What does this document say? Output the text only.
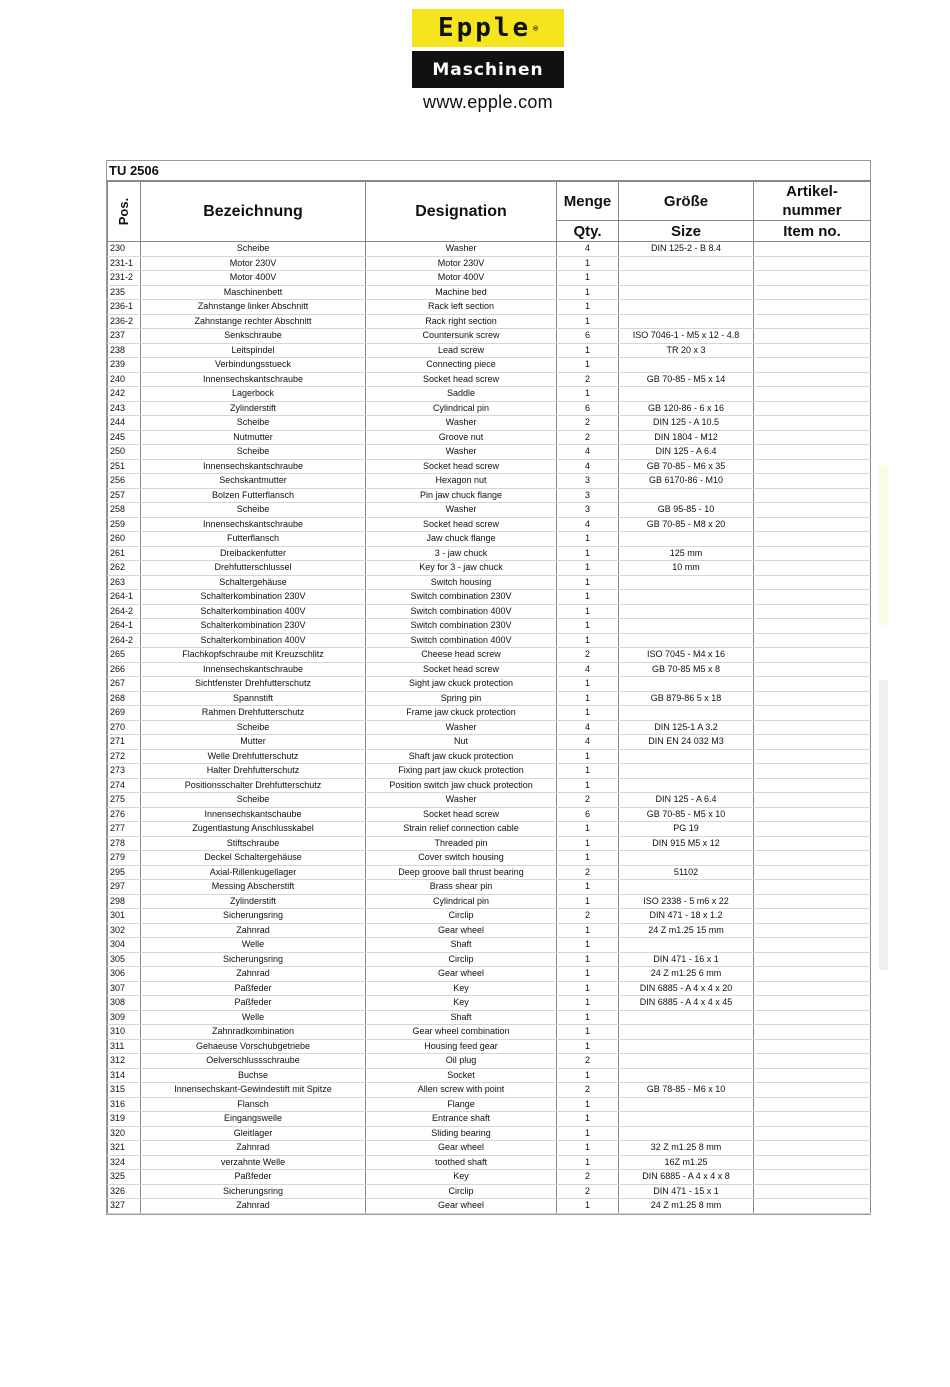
Epple ®
Maschinen
www.epple.com
TU 2506
Pos.	Bezeichnung	Designation	Menge	Größe	Artikel-
nummer

			Qty.	Size	Item no.
230	Scheibe	Washer	4	DIN 125-2 - B 8.4	
231-1	Motor 230V	Motor 230V	1		
231-2	Motor 400V	Motor 400V	1		
235	Maschinenbett	Machine bed	1		
236-1	Zahnstange linker Abschnitt	Rack left section	1		
236-2	Zahnstange rechter Abschnitt	Rack right section	1		
237	Senkschraube	Countersunk screw	6	ISO 7046-1 - M5 x 12 - 4.8	
238	Leitspindel	Lead screw	1	TR 20 x 3	
239	Verbindungsstueck	Connecting piece	1		
240	Innensechskantschraube	Socket head screw	2	GB 70-85 - M5 x 14	
242	Lagerbock	Saddle	1		
243	Zylinderstift	Cylindrical pin	6	GB 120-86 - 6 x 16	
244	Scheibe	Washer	2	DIN 125 - A 10.5	
245	Nutmutter	Groove nut	2	DIN 1804 - M12	
250	Scheibe	Washer	4	DIN 125 - A 6.4	
251	Innensechskantschraube	Socket head screw	4	GB 70-85 - M6 x 35	
256	Sechskantmutter	Hexagon nut	3	GB 6170-86 - M10	
257	Bolzen Futterflansch	Pin jaw chuck flange	3		
258	Scheibe	Washer	3	GB 95-85 - 10	
259	Innensechskantschraube	Socket head screw	4	GB 70-85 - M8 x 20	
260	Futterflansch	Jaw chuck flange	1		
261	Dreibackenfutter	3 - jaw chuck	1	125 mm	
262	Drehfutterschlussel	Key for 3 - jaw chuck	1	10 mm	
263	Schaltergehäuse	Switch housing	1		
264-1	Schalterkombination 230V	Switch combination 230V	1		
264-2	Schalterkombination 400V	Switch combination 400V	1		
264-1	Schalterkombination 230V	Switch combination 230V	1		
264-2	Schalterkombination 400V	Switch combination 400V	1		
265	Flachkopfschraube mit Kreuzschlitz	Cheese head screw	2	ISO 7045 - M4 x 16	
266	Innensechskantschraube	Socket head screw	4	GB 70-85 M5 x 8	
267	Sichtfenster Drehfutterschutz	Sight jaw ckuck protection	1		
268	Spannstift	Spring pin	1	GB 879-86 5 x 18	
269	Rahmen Drehfutterschutz	Frame jaw ckuck protection	1		
270	Scheibe	Washer	4	DIN 125-1 A 3.2	
271	Mutter	Nut	4	DIN EN 24 032 M3	
272	Welle Drehfutterschutz	Shaft jaw ckuck protection	1		
273	Halter Drehfutterschutz	Fixing part jaw ckuck protection	1		
274	Positionsschalter Drehfutterschutz	Position switch jaw chuck protection	1		
275	Scheibe	Washer	2	DIN 125 - A 6.4	
276	Innensechskantschaube	Socket head screw	6	GB 70-85 - M5 x 10	
277	Zugentlastung Anschlusskabel	Strain relief connection cable	1	PG 19	
278	Stiftschraube	Threaded pin	1	DIN 915 M5 x 12	
279	Deckel Schaltergehäuse	Cover switch housing	1		
295	Axial-Rillenkugellager	Deep groove ball thrust bearing	2	51102	
297	Messing Abscherstift	Brass shear pin	1		
298	Zylinderstift	Cylindrical pin	1	ISO 2338 - 5 m6 x 22	
301	Sicherungsring	Circlip	2	DIN 471 - 18 x 1.2	
302	Zahnrad	Gear wheel	1	24 Z m1.25 15 mm	
304	Welle	Shaft	1		
305	Sicherungsring	Circlip	1	DIN 471 - 16 x 1	
306	Zahnrad	Gear wheel	1	24 Z m1.25 6 mm	
307	Paßfeder	Key	1	DIN 6885 - A 4 x 4 x 20	
308	Paßfeder	Key	1	DIN 6885 - A 4 x 4 x 45	
309	Welle	Shaft	1		
310	Zahnradkombination	Gear wheel combination	1		
311	Gehaeuse Vorschubgetriebe	Housing feed gear	1		
312	Oelverschlussschraube	Oil plug	2		
314	Buchse	Socket	1		
315	Innensechskant-Gewindestift mit Spitze	Allen screw with point	2	GB 78-85 - M6 x 10	
316	Flansch	Flange	1		
319	Eingangswelle	Entrance shaft	1		
320	Gleitlager	Sliding bearing	1		
321	Zahnrad	Gear wheel	1	32 Z m1.25 8 mm	
324	verzahnte Welle	toothed shaft	1	16Z m1.25	
325	Paßfeder	Key	2	DIN 6885 - A 4 x 4 x 8	
326	Sicherungsring	Circlip	2	DIN 471 - 15 x 1	
327	Zahnrad	Gear wheel	1	24 Z m1.25 8 mm	
